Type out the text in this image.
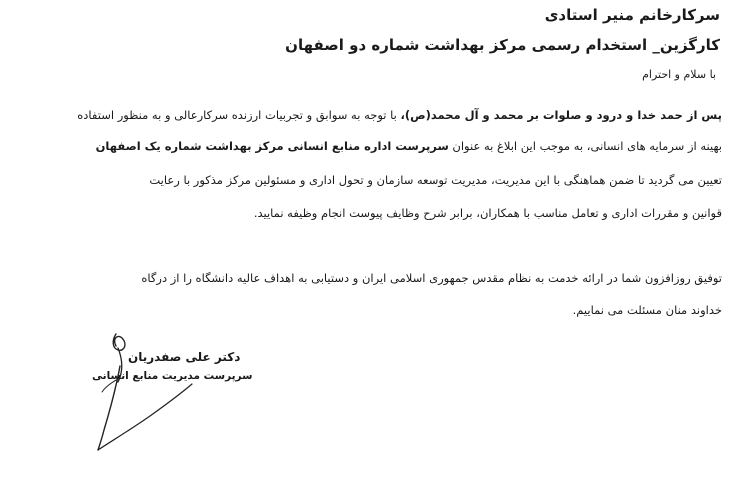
سرکارخانم منیر استادی
کارگزین_ استخدام رسمی مرکز بهداشت شماره دو اصفهان
با سلام و احترام
پس از حمد خدا و درود و صلوات بر محمد و آل محمد(ص)، با توجه به سوابق و تجربیات ارزنده سرکارعالی و به منظور استفاده
بهینه از سرمایه های انسانی، به موجب این ابلاغ به عنوان سرپرست اداره منابع انسانی مرکز بهداشت شماره یک اصفهان
تعیین می گردید تا ضمن هماهنگی با این مدیریت، مدیریت توسعه سازمان و تحول اداری و مسئولین مرکز مذکور با رعایت
قوانین و مقررات اداری و تعامل مناسب با همکاران، برابر شرح وظایف پیوست انجام وظیفه نمایید.
توفیق روزافزون شما در ارائه خدمت به نظام مقدس جمهوری اسلامی ایران و دستیابی به اهداف عالیه دانشگاه را از درگاه
خداوند منان مسئلت می نماییم.
دکتر علی صفدریان
سرپرست مدیریت منابع انسانی
